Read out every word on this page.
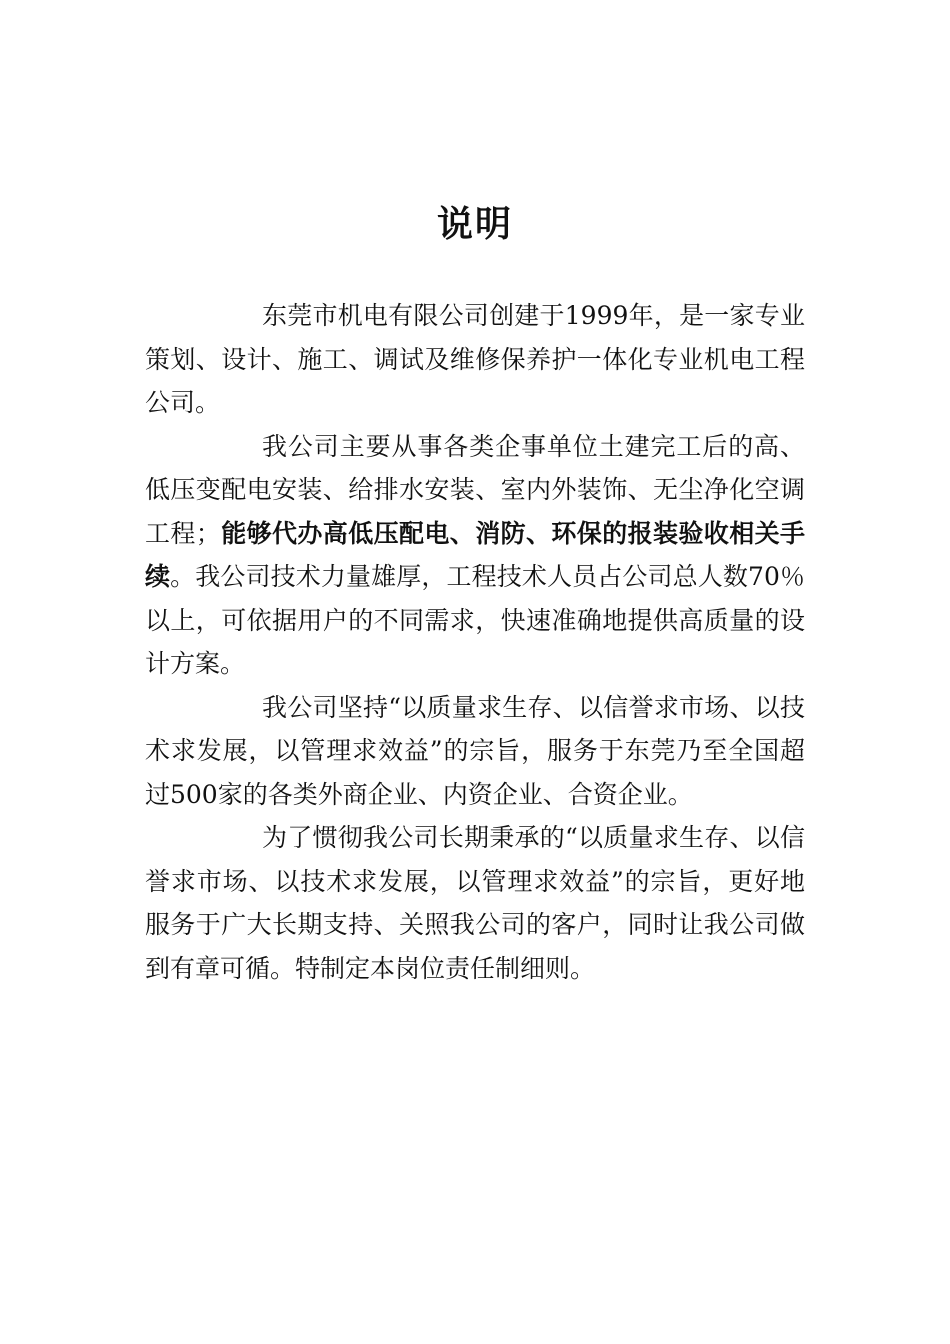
说明

东莞市机电有限公司创建于1999年，是一家专业策划、设计、施工、调试及维修保养护一体化专业机电工程公司。

我公司主要从事各类企事单位土建完工后的高、低压变配电安装、给排水安装、室内外装饰、无尘净化空调工程；能够代办高低压配电、消防、环保的报装验收相关手续。我公司技术力量雄厚，工程技术人员占公司总人数70％以上，可依据用户的不同需求，快速准确地提供高质量的设计方案。

我公司坚持“以质量求生存、以信誉求市场、以技术求发展，以管理求效益”的宗旨，服务于东莞乃至全国超过500家的各类外商企业、内资企业、合资企业。

为了惯彻我公司长期秉承的“以质量求生存、以信誉求市场、以技术求发展，以管理求效益”的宗旨，更好地服务于广大长期支持、关照我公司的客户，同时让我公司做到有章可循。特制定本岗位责任制细则。
